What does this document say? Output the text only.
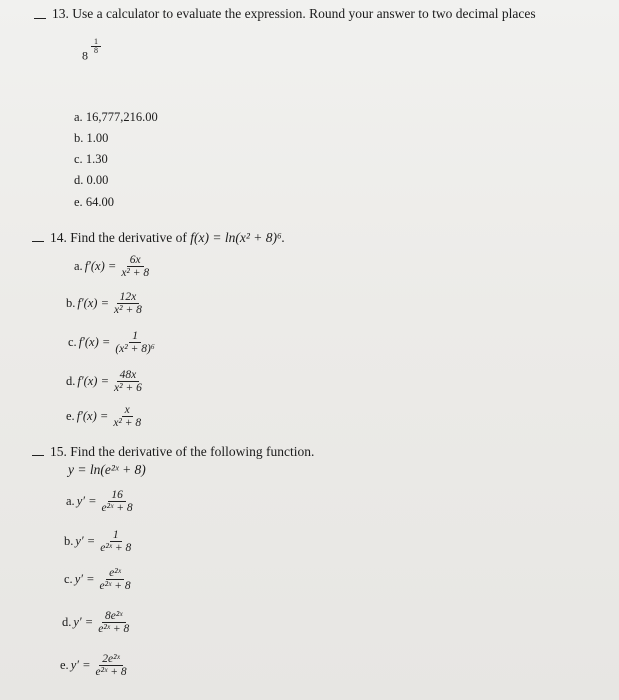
13. Use a calculator to evaluate the expression. Round your answer to two decimal places
$8 \frac{1}{8}$
a. 16,777,216.00
b. 1.00
c. 1.30
d. 0.00
e. 64.00
14. Find the derivative of f(x) = ln(x² + 8)⁶.
a. $f'(x) = \frac{6x}{\text{x² + 8}}$
b. $f'(x) = \frac{12x}{\text{x² + 8}}$
c. $f'(x) = \frac{1}{\text{(x² + 8)⁶}}$
d. $f'(x) = \frac{48x}{\text{x² + 6}}$
e. $f'(x) = \frac{x}{\text{x² + 8}}$
15. Find the derivative of the following function.
y = ln(e²ˣ + 8)
a. $y' = \frac{16}{\text{e²ˣ + 8}}$
b. $y' = \frac{1}{\text{e²ˣ + 8}}$
c. $y' = \frac{\text{e²ˣ}}{\text{e²ˣ + 8}}$
d. $y' = \frac{\text{8e²ˣ}}{\text{e²ˣ + 8}}$
e. $y' = \frac{\text{2e²ˣ}}{\text{e²ˣ + 8}}$
